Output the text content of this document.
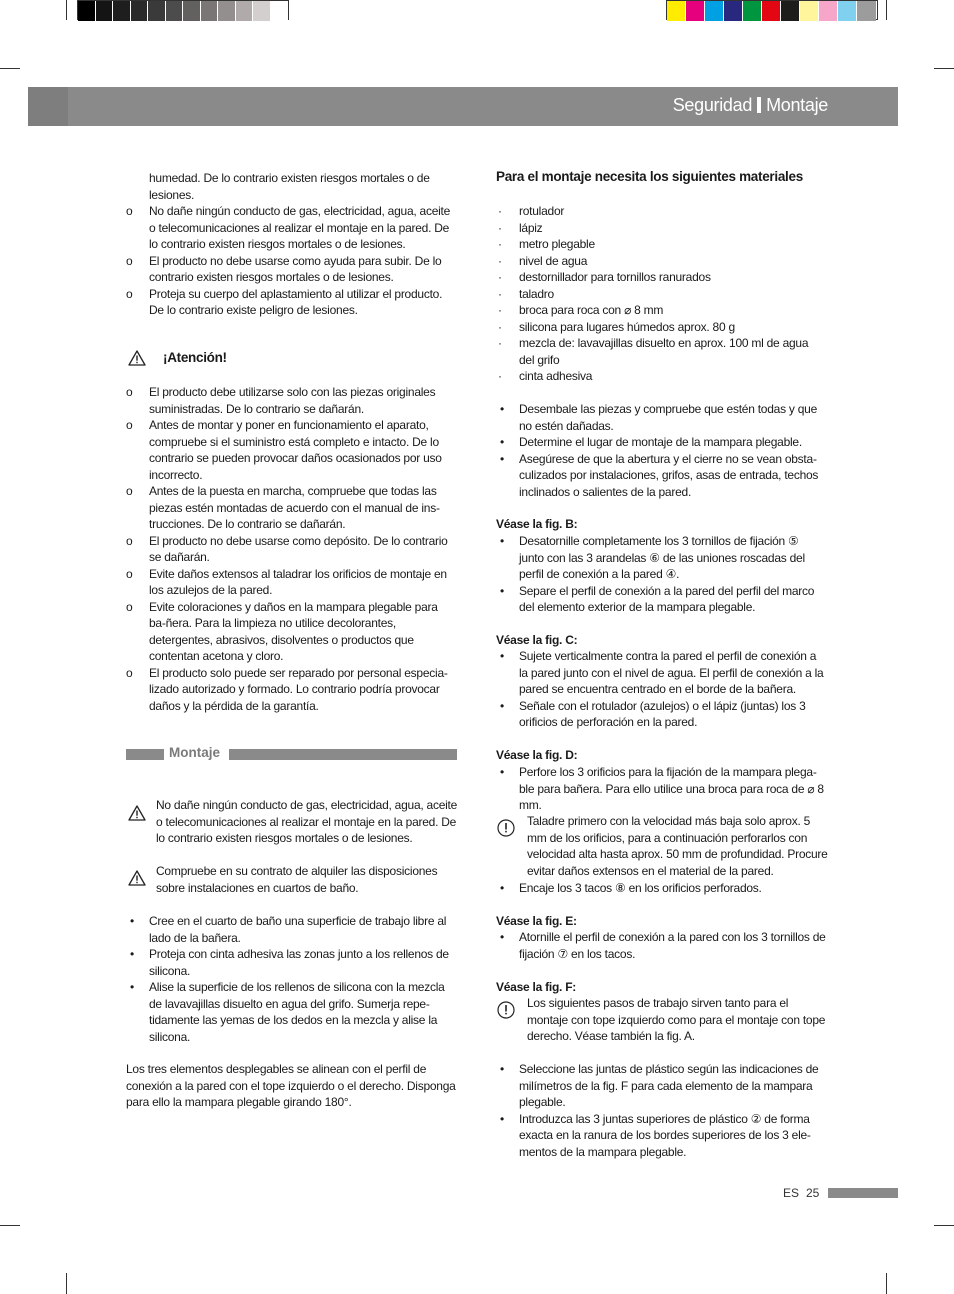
Seguridad Montaje

humedad. De lo contrario existen riesgos mortales o de lesiones.

o	No dañe ningún conducto de gas, electricidad, agua, aceite o telecomunicaciones al realizar el montaje en la pared. De lo contrario existen riesgos mortales o de lesiones.
o	El producto no debe usarse como ayuda para subir. De lo contrario existen riesgos mortales o de lesiones.
o	Proteja su cuerpo del aplastamiento al utilizar el producto. De lo contrario existe peligro de lesiones.
¡Atención!
o	El producto debe utilizarse solo con las piezas originales suministradas. De lo contrario se dañarán.
o	Antes de montar y poner en funcionamiento el aparato, compruebe si el suministro está completo e intacto. De lo contrario se pueden provocar daños ocasionados por uso incorrecto.
o	Antes de la puesta en marcha, compruebe que todas las piezas estén montadas de acuerdo con el manual de ins-trucciones. De lo contrario se dañarán.
o	El producto no debe usarse como depósito. De lo contrario se dañarán.
o	Evite daños extensos al taladrar los orificios de montaje en los azulejos de la pared.
o	Evite coloraciones y daños en la mampara plegable para ba-ñera. Para la limpieza no utilice decolorantes, detergentes, abrasivos, disolventes o productos que contentan acetona y cloro.
o	El producto solo puede ser reparado por personal especia-lizado autorizado y formado. Lo contrario podría provocar daños y la pérdida de la garantía.
Montaje
No dañe ningún conducto de gas, electricidad, agua, aceite o telecomunicaciones al realizar el montaje en la pared. De lo contrario existen riesgos mortales o de lesiones.
Compruebe en su contrato de alquiler las disposiciones sobre instalaciones en cuartos de baño.
•	Cree en el cuarto de baño una superficie de trabajo libre al lado de la bañera.
•	Proteja con cinta adhesiva las zonas junto a los rellenos de silicona.
•	Alise la superficie de los rellenos de silicona con la mezcla de lavavajillas disuelto en agua del grifo. Sumerja repe-tidamente las yemas de los dedos en la mezcla y alise la silicona.
Los tres elementos desplegables se alinean con el perfil de conexión a la pared con el tope izquierdo o el derecho. Disponga para ello la mampara plegable girando 180°.
Para el montaje necesita los siguientes materiales
·	rotulador
·	lápiz
·	metro plegable
·	nivel de agua
·	destornillador para tornillos ranurados
·	taladro
·	broca para roca con ⌀ 8 mm
·	silicona para lugares húmedos aprox. 80 g
·	mezcla de: lavavajillas disuelto en aprox. 100 ml de agua del grifo
·	cinta adhesiva
•	Desembale las piezas y compruebe que estén todas y que no estén dañadas.
•	Determine el lugar de montaje de la mampara plegable.
•	Asegúrese de que la abertura y el cierre no se vean obsta-culizados por instalaciones, grifos, asas de entrada, techos inclinados o salientes de la pared.
Véase la fig. B:
•	Desatornille completamente los 3 tornillos de fijación ⑤ junto con las 3 arandelas ⑥ de las uniones roscadas del perfil de conexión a la pared ④.
•	Separe el perfil de conexión a la pared del perfil del marco del elemento exterior de la mampara plegable.
Véase la fig. C:
•	Sujete verticalmente contra la pared el perfil de conexión a la pared junto con el nivel de agua. El perfil de conexión a la pared se encuentra centrado en el borde de la bañera.
•	Señale con el rotulador (azulejos) o el lápiz (juntas) los 3 orificios de perforación en la pared.
Véase la fig. D:
•	Perfore los 3 orificios para la fijación de la mampara plega-ble para bañera. Para ello utilice una broca para roca de ⌀ 8 mm.
Taladre primero con la velocidad más baja solo aprox. 5 mm de los orificios, para a continuación perforarlos con velocidad alta hasta aprox. 50 mm de profundidad. Procure evitar daños extensos en el material de la pared.
•	Encaje los 3 tacos ⑧ en los orificios perforados.
Véase la fig. E:
•	Atornille el perfil de conexión a la pared con los 3 tornillos de fijación ⑦ en los tacos.
Véase la fig. F:
Los siguientes pasos de trabajo sirven tanto para el montaje con tope izquierdo como para el montaje con tope derecho. Véase también la fig. A.
•	Seleccione las juntas de plástico según las indicaciones de milímetros de la fig. F para cada elemento de la mampara plegable.
•	Introduzca las 3 juntas superiores de plástico ② de forma exacta en la ranura de los bordes superiores de los 3 ele-mentos de la mampara plegable.
ES 25
